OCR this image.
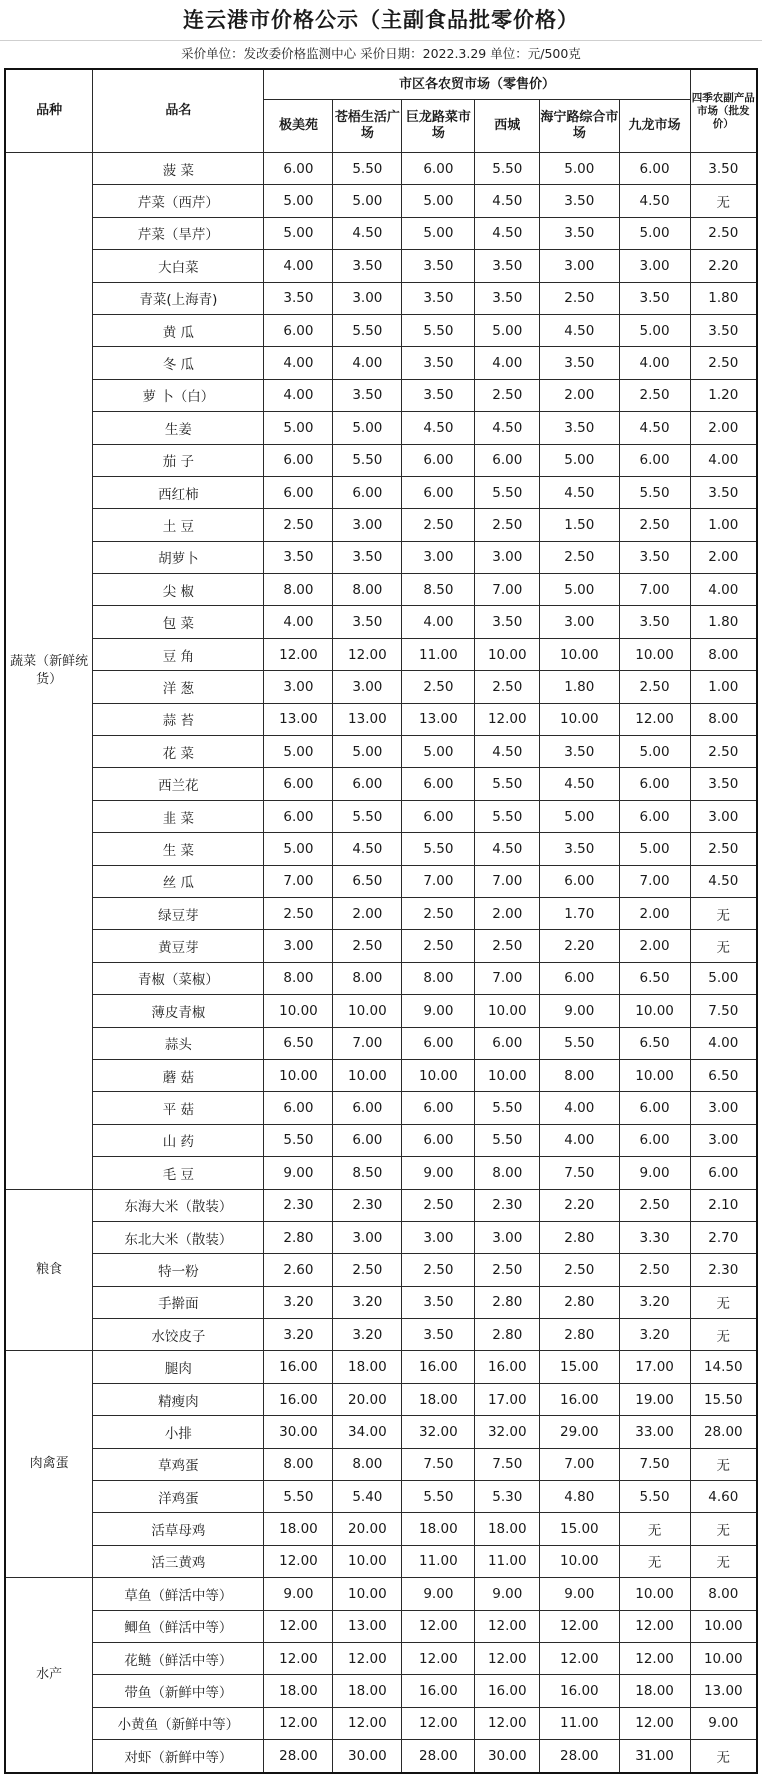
连云港市价格公示（主副食品批零价格）
采价单位：发改委价格监测中心 采价日期：2022.3.29 单位：元/500克
品种	品名	市区各农贸市场（零售价）						四季农副产品市场（批发价）
		极美苑	苍梧生活广场	巨龙路菜市场	西城	海宁路综合市场	九龙市场	
蔬菜（新鲜统货）	菠 菜	6.00	5.50	6.00	5.50	5.00	6.00	3.50
	芹菜（西芹）	5.00	5.00	5.00	4.50	3.50	4.50	无
	芹菜（旱芹）	5.00	4.50	5.00	4.50	3.50	5.00	2.50
	大白菜	4.00	3.50	3.50	3.50	3.00	3.00	2.20
	青菜(上海青)	3.50	3.00	3.50	3.50	2.50	3.50	1.80
	黄 瓜	6.00	5.50	5.50	5.00	4.50	5.00	3.50
	冬 瓜	4.00	4.00	3.50	4.00	3.50	4.00	2.50
	萝 卜（白）	4.00	3.50	3.50	2.50	2.00	2.50	1.20
	生姜	5.00	5.00	4.50	4.50	3.50	4.50	2.00
	茄 子	6.00	5.50	6.00	6.00	5.00	6.00	4.00
	西红柿	6.00	6.00	6.00	5.50	4.50	5.50	3.50
	土 豆	2.50	3.00	2.50	2.50	1.50	2.50	1.00
	胡萝卜	3.50	3.50	3.00	3.00	2.50	3.50	2.00
	尖 椒	8.00	8.00	8.50	7.00	5.00	7.00	4.00
	包 菜	4.00	3.50	4.00	3.50	3.00	3.50	1.80
	豆 角	12.00	12.00	11.00	10.00	10.00	10.00	8.00
	洋 葱	3.00	3.00	2.50	2.50	1.80	2.50	1.00
	蒜 苔	13.00	13.00	13.00	12.00	10.00	12.00	8.00
	花 菜	5.00	5.00	5.00	4.50	3.50	5.00	2.50
	西兰花	6.00	6.00	6.00	5.50	4.50	6.00	3.50
	韭 菜	6.00	5.50	6.00	5.50	5.00	6.00	3.00
	生 菜	5.00	4.50	5.50	4.50	3.50	5.00	2.50
	丝 瓜	7.00	6.50	7.00	7.00	6.00	7.00	4.50
	绿豆芽	2.50	2.00	2.50	2.00	1.70	2.00	无
	黄豆芽	3.00	2.50	2.50	2.50	2.20	2.00	无
	青椒（菜椒）	8.00	8.00	8.00	7.00	6.00	6.50	5.00
	薄皮青椒	10.00	10.00	9.00	10.00	9.00	10.00	7.50
	蒜头	6.50	7.00	6.00	6.00	5.50	6.50	4.00
	蘑 菇	10.00	10.00	10.00	10.00	8.00	10.00	6.50
	平 菇	6.00	6.00	6.00	5.50	4.00	6.00	3.00
	山 药	5.50	6.00	6.00	5.50	4.00	6.00	3.00
	毛 豆	9.00	8.50	9.00	8.00	7.50	9.00	6.00
粮食	东海大米（散装）	2.30	2.30	2.50	2.30	2.20	2.50	2.10
	东北大米（散装）	2.80	3.00	3.00	3.00	2.80	3.30	2.70
	特一粉	2.60	2.50	2.50	2.50	2.50	2.50	2.30
	手擀面	3.20	3.20	3.50	2.80	2.80	3.20	无
	水饺皮子	3.20	3.20	3.50	2.80	2.80	3.20	无
肉禽蛋	腿肉	16.00	18.00	16.00	16.00	15.00	17.00	14.50
	精瘦肉	16.00	20.00	18.00	17.00	16.00	19.00	15.50
	小排	30.00	34.00	32.00	32.00	29.00	33.00	28.00
	草鸡蛋	8.00	8.00	7.50	7.50	7.00	7.50	无
	洋鸡蛋	5.50	5.40	5.50	5.30	4.80	5.50	4.60
	活草母鸡	18.00	20.00	18.00	18.00	15.00	无	无
	活三黄鸡	12.00	10.00	11.00	11.00	10.00	无	无
水产	草鱼（鲜活中等）	9.00	10.00	9.00	9.00	9.00	10.00	8.00
	鲫鱼（鲜活中等）	12.00	13.00	12.00	12.00	12.00	12.00	10.00
	花鲢（鲜活中等）	12.00	12.00	12.00	12.00	12.00	12.00	10.00
	带鱼（新鲜中等）	18.00	18.00	16.00	16.00	16.00	18.00	13.00
	小黄鱼（新鲜中等）	12.00	12.00	12.00	12.00	11.00	12.00	9.00
	对虾（新鲜中等）	28.00	30.00	28.00	30.00	28.00	31.00	无
